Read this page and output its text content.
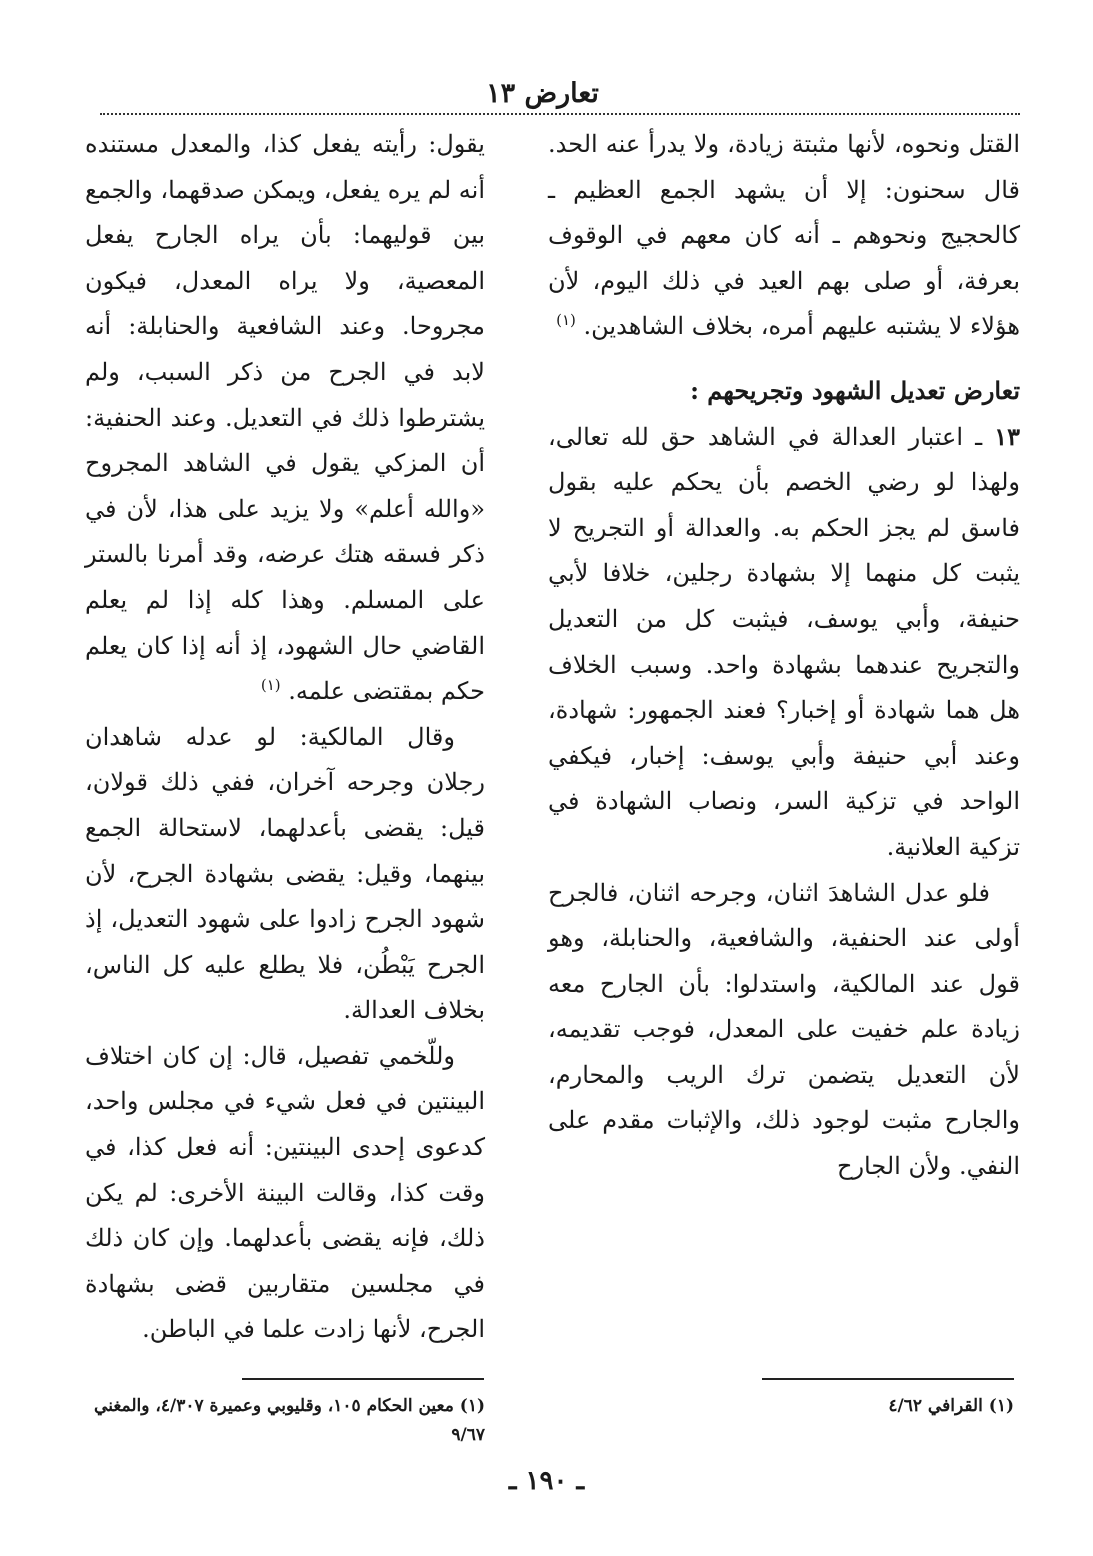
تعارض ١٣

القتل ونحوه، لأنها مثبتة زيادة، ولا يدرأ عنه الحد. قال سحنون: إلا أن يشهد الجمع العظيم ـ كالحجيج ونحوهم ـ أنه كان معهم في الوقوف بعرفة، أو صلى بهم العيد في ذلك اليوم، لأن هؤلاء لا يشتبه عليهم أمره، بخلاف الشاهدين. $^{(١)}$

تعارض تعديل الشهود وتجريحهم :

١٣ ـ اعتبار العدالة في الشاهد حق لله تعالى، ولهذا لو رضي الخصم بأن يحكم عليه بقول فاسق لم يجز الحكم به. والعدالة أو التجريح لا يثبت كل منهما إلا بشهادة رجلين، خلافا لأبي حنيفة، وأبي يوسف، فيثبت كل من التعديل والتجريح عندهما بشهادة واحد. وسبب الخلاف هل هما شهادة أو إخبار؟ فعند الجمهور: شهادة، وعند أبي حنيفة وأبي يوسف: إخبار، فيكفي الواحد في تزكية السر، ونصاب الشهادة في تزكية العلانية.

فلو عدل الشاهدَ اثنان، وجرحه اثنان، فالجرح أولى عند الحنفية، والشافعية، والحنابلة، وهو قول عند المالكية، واستدلوا: بأن الجارح معه زيادة علم خفيت على المعدل، فوجب تقديمه، لأن التعديل يتضمن ترك الريب والمحارم، والجارح مثبت لوجود ذلك، والإثبات مقدم على النفي. ولأن الجارح

يقول: رأيته يفعل كذا، والمعدل مستنده أنه لم يره يفعل، ويمكن صدقهما، والجمع بين قوليهما: بأن يراه الجارح يفعل المعصية، ولا يراه المعدل، فيكون مجروحا. وعند الشافعية والحنابلة: أنه لابد في الجرح من ذكر السبب، ولم يشترطوا ذلك في التعديل. وعند الحنفية: أن المزكي يقول في الشاهد المجروح «والله أعلم» ولا يزيد على هذا، لأن في ذكر فسقه هتك عرضه، وقد أمرنا بالستر على المسلم. وهذا كله إذا لم يعلم القاضي حال الشهود، إذ أنه إذا كان يعلم حكم بمقتضى علمه. $^{(١)}$

وقال المالكية: لو عدله شاهدان رجلان وجرحه آخران، ففي ذلك قولان، قيل: يقضى بأعدلهما، لاستحالة الجمع بينهما، وقيل: يقضى بشهادة الجرح، لأن شهود الجرح زادوا على شهود التعديل، إذ الجرح يَبْطُن، فلا يطلع عليه كل الناس، بخلاف العدالة.

وللّخمي تفصيل، قال: إن كان اختلاف البينتين في فعل شيء في مجلس واحد، كدعوى إحدى البينتين: أنه فعل كذا، في وقت كذا، وقالت البينة الأخرى: لم يكن ذلك، فإنه يقضى بأعدلهما. وإن كان ذلك في مجلسين متقاربين قضى بشهادة الجرح، لأنها زادت علما في الباطن.

(١) القرافي ٤/٦٢
(١) معين الحكام ١٠٥، وقليوبي وعميرة ٤/٣٠٧، والمغني ٩/٦٧
ـ ١٩٠ ـ
